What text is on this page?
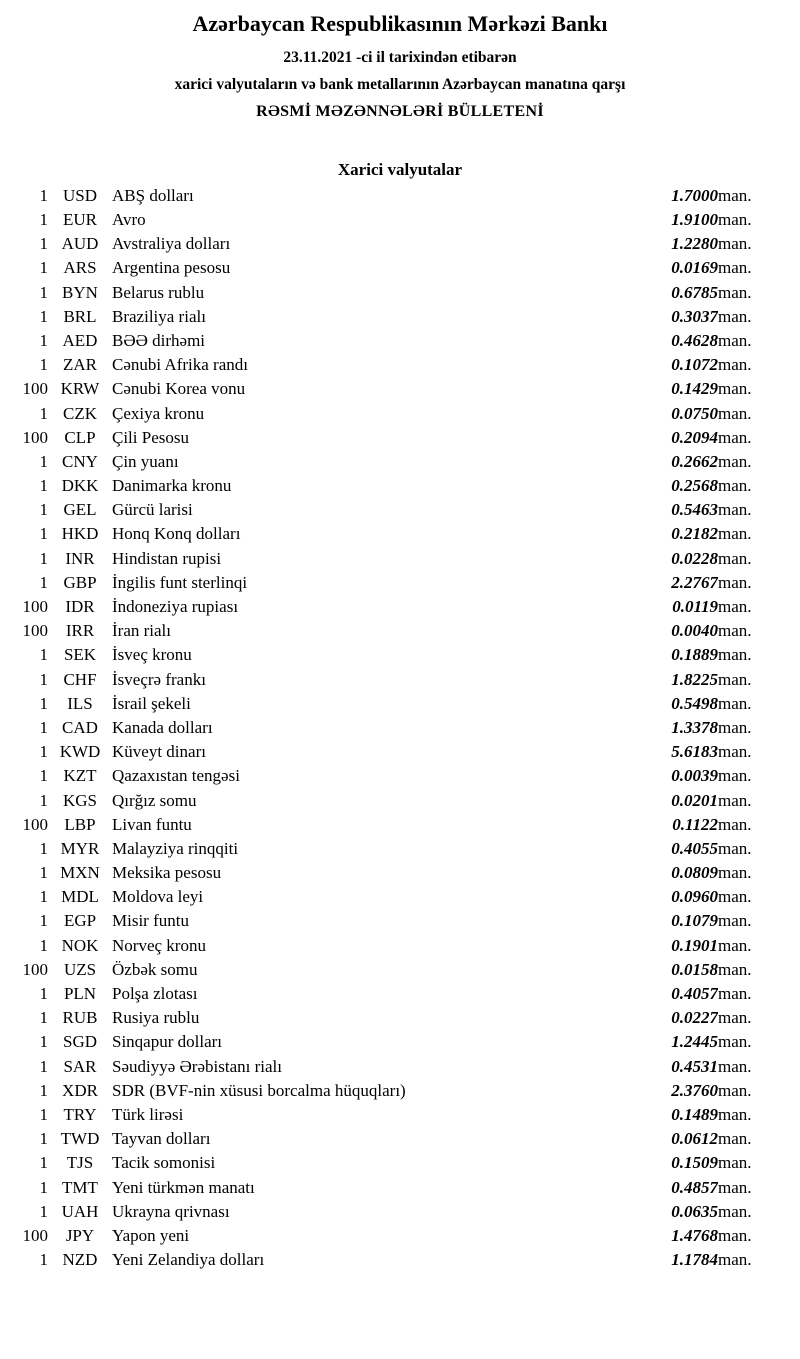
Azərbaycan Respublikasının Mərkəzi Bankı
23.11.2021 -ci il tarixindən etibarən
xarici valyutaların və bank metallarının Azərbaycan manatına qarşı
RƏSMİ MƏZƏNNƏLƏRİ BÜLLETENİ
Xarici valyutalar
1	USD	ABŞ dolları	1.7000	man.
1	EUR	Avro	1.9100	man.
1	AUD	Avstraliya dolları	1.2280	man.
1	ARS	Argentina pesosu	0.0169	man.
1	BYN	Belarus rublu	0.6785	man.
1	BRL	Braziliya rialı	0.3037	man.
1	AED	BƏƏ dirhəmi	0.4628	man.
1	ZAR	Cənubi Afrika randı	0.1072	man.
100	KRW	Cənubi Korea vonu	0.1429	man.
1	CZK	Çexiya kronu	0.0750	man.
100	CLP	Çili Pesosu	0.2094	man.
1	CNY	Çin yuanı	0.2662	man.
1	DKK	Danimarka kronu	0.2568	man.
1	GEL	Gürcü larisi	0.5463	man.
1	HKD	Honq Konq dolları	0.2182	man.
1	INR	Hindistan rupisi	0.0228	man.
1	GBP	İngilis funt sterlinqi	2.2767	man.
100	IDR	İndoneziya rupiası	0.0119	man.
100	IRR	İran rialı	0.0040	man.
1	SEK	İsveç kronu	0.1889	man.
1	CHF	İsveçrə frankı	1.8225	man.
1	ILS	İsrail şekeli	0.5498	man.
1	CAD	Kanada dolları	1.3378	man.
1	KWD	Küveyt dinarı	5.6183	man.
1	KZT	Qazaxıstan tengəsi	0.0039	man.
1	KGS	Qırğız somu	0.0201	man.
100	LBP	Livan funtu	0.1122	man.
1	MYR	Malayziya rinqqiti	0.4055	man.
1	MXN	Meksika pesosu	0.0809	man.
1	MDL	Moldova leyi	0.0960	man.
1	EGP	Misir funtu	0.1079	man.
1	NOK	Norveç kronu	0.1901	man.
100	UZS	Özbək somu	0.0158	man.
1	PLN	Polşa zlotası	0.4057	man.
1	RUB	Rusiya rublu	0.0227	man.
1	SGD	Sinqapur dolları	1.2445	man.
1	SAR	Səudiyyə Ərəbistanı rialı	0.4531	man.
1	XDR	SDR (BVF-nin xüsusi borcalma hüquqları)	2.3760	man.
1	TRY	Türk lirəsi	0.1489	man.
1	TWD	Tayvan dolları	0.0612	man.
1	TJS	Tacik somonisi	0.1509	man.
1	TMT	Yeni türkmən manatı	0.4857	man.
1	UAH	Ukrayna qrivnası	0.0635	man.
100	JPY	Yapon yeni	1.4768	man.
1	NZD	Yeni Zelandiya dolları	1.1784	man.
